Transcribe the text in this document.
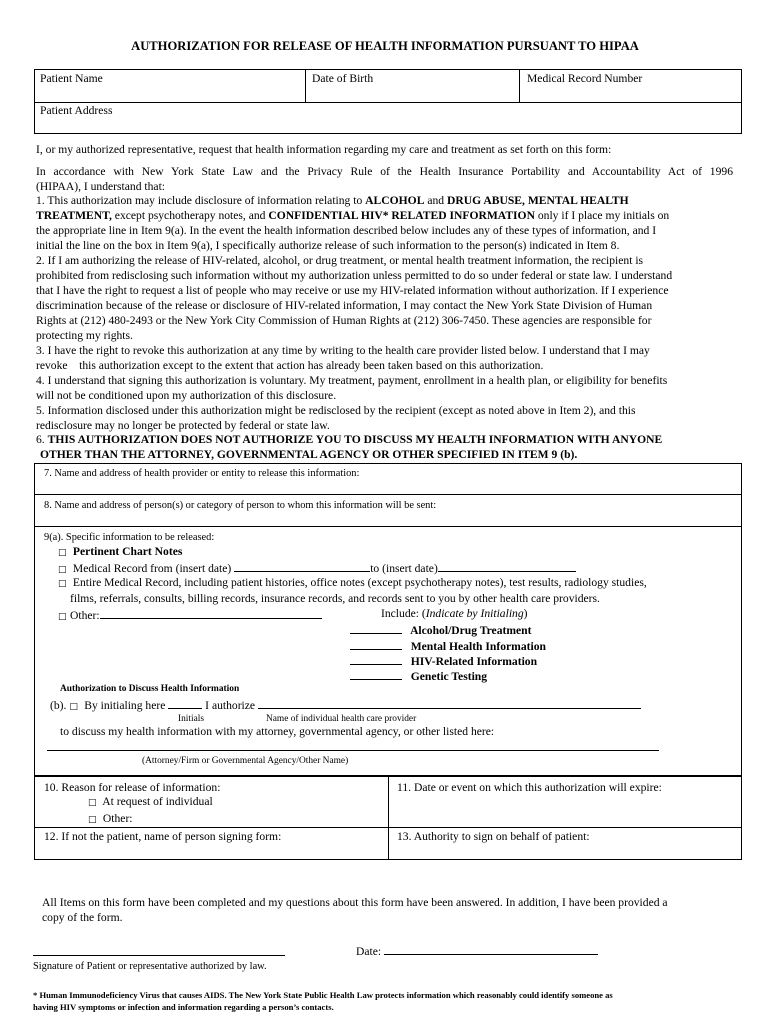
AUTHORIZATION FOR RELEASE OF HEALTH INFORMATION PURSUANT TO HIPAA
Patient Name	Date of Birth	Medical Record Number
Patient Address
I, or my authorized representative, request that health information regarding my care and treatment as set forth on this form:
In accordance with New York State Law and the Privacy Rule of the Health Insurance Portability and Accountability Act of 1996
(HIPAA), I understand that:
1. This authorization may include disclosure of information relating to ALCOHOL and DRUG ABUSE, MENTAL HEALTH
TREATMENT, except psychotherapy notes, and CONFIDENTIAL HIV* RELATED INFORMATION only if I place my initials on
the appropriate line in Item 9(a). In the event the health information described below includes any of these types of information, and I
initial the line on the box in Item 9(a), I specifically authorize release of such information to the person(s) indicated in Item 8.
2. If I am authorizing the release of HIV-related, alcohol, or drug treatment, or mental health treatment information, the recipient is
prohibited from redisclosing such information without my authorization unless permitted to do so under federal or state law. I understand
that I have the right to request a list of people who may receive or use my HIV-related information without authorization. If I experience
discrimination because of the release or disclosure of HIV-related information, I may contact the New York State Division of Human
Rights at (212) 480-2493 or the New York City Commission of Human Rights at (212) 306-7450. These agencies are responsible for
protecting my rights.
3. I have the right to revoke this authorization at any time by writing to the health care provider listed below. I understand that I may
revoke    this authorization except to the extent that action has already been taken based on this authorization.
4. I understand that signing this authorization is voluntary. My treatment, payment, enrollment in a health plan, or eligibility for benefits
will not be conditioned upon my authorization of this disclosure.
5. Information disclosed under this authorization might be redisclosed by the recipient (except as noted above in Item 2), and this
redisclosure may no longer be protected by federal or state law.
6. THIS AUTHORIZATION DOES NOT AUTHORIZE YOU TO DISCUSS MY HEALTH INFORMATION WITH ANYONE
OTHER THAN THE ATTORNEY, GOVERNMENTAL AGENCY OR OTHER SPECIFIED IN ITEM 9 (b).
7. Name and address of health provider or entity to release this information:
8. Name and address of person(s) or category of person to whom this information will be sent:
9(a). Specific information to be released:
□ Pertinent Chart Notes
□ Medical Record from (insert date)	to (insert date)
□ Entire Medical Record, including patient histories, office notes (except psychotherapy notes), test results, radiology studies,
films, referrals, consults, billing records, insurance records, and records sent to you by other health care providers.
□ Other:	Include: (Indicate by Initialing)
Alcohol/Drug Treatment
Mental Health Information
HIV-Related Information
Genetic Testing
Authorization to Discuss Health Information
(b). □ By initialing here	I authorize
Initials	Name of individual health care provider
to discuss my health information with my attorney, governmental agency, or other listed here:
(Attorney/Firm or Governmental Agency/Other Name)
10. Reason for release of information:
□ At request of individual
□ Other:
11. Date or event on which this authorization will expire:
12. If not the patient, name of person signing form:	13. Authority to sign on behalf of patient:
All Items on this form have been completed and my questions about this form have been answered. In addition, I have been provided a
copy of the form.
Date:
Signature of Patient or representative authorized by law.
* Human Immunodeficiency Virus that causes AIDS. The New York State Public Health Law protects information which reasonably could identify someone as
having HIV symptoms or infection and information regarding a person’s contacts.
